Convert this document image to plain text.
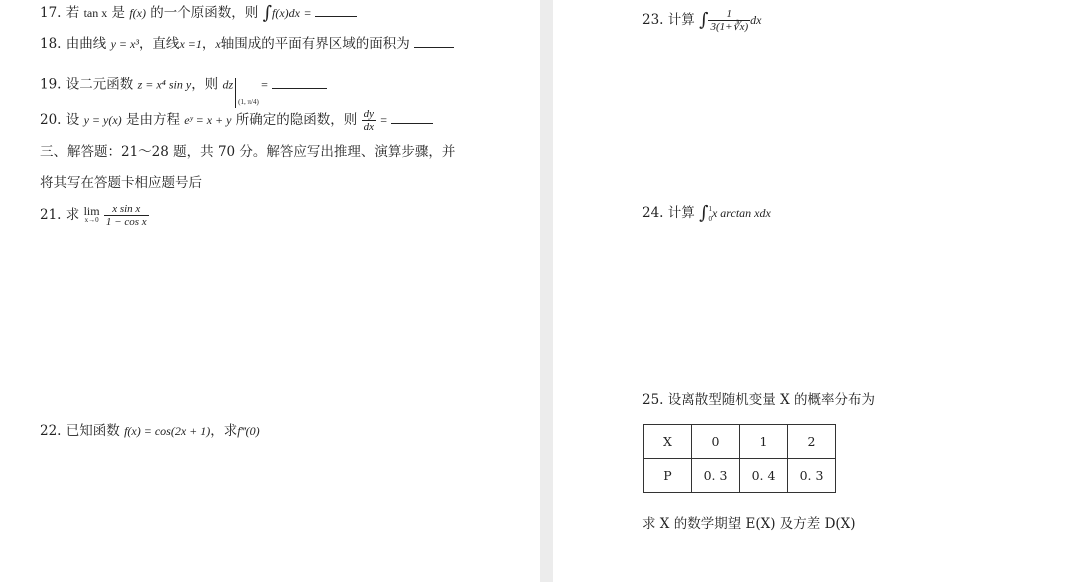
17. 若 tan x 是 f(x) 的一个原函数，则 ∫f(x)dx =
18. 由曲线 y = x³，直线x =1，x轴围成的平面有界区域的面积为
19. 设二元函数 z = x⁴ sin y，则 $dz_{(1, \pi/4)}$ =
20. 设 y = y(x) 是由方程 eʸ = x + y 所确定的隐函数，则 $\frac{dy}{dx}$ =
三、解答题：21～28 题，共 70 分。解答应写出推理、演算步骤，并
将其写在答题卡相应题号后
21. 求 lim
x→0
$\frac{\text{x sin x}}{\text{1 − cos x}}$
22. 已知函数 f(x) = cos(2x + 1)，求f‴(0)
23. 计算 ∫ $\frac{1}{3(1+∛x)}$ dx
24. 计算 ∫ 1
0 x arctan xdx
25. 设离散型随机变量 X 的概率分布为
X	0	1	2
P	0. 3	0. 4	0. 3
求 X 的数学期望 E(X) 及方差 D(X)
